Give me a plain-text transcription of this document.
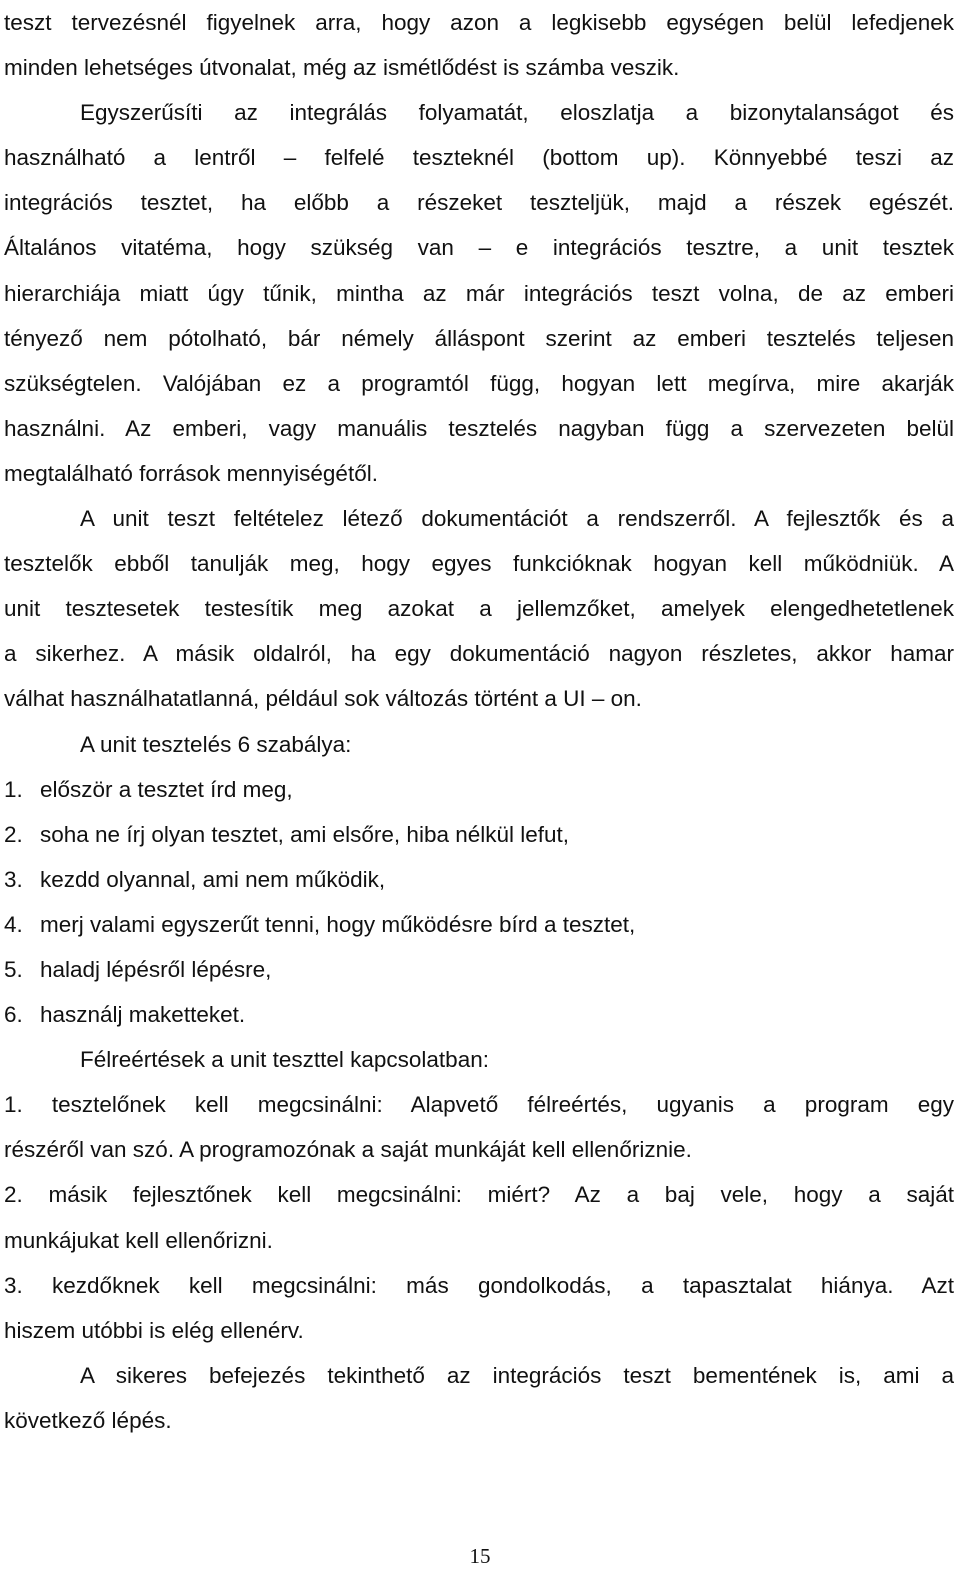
teszt tervezésnél figyelnek arra, hogy azon a legkisebb egységen belül lefedjenek
minden lehetséges útvonalat, még az ismétlődést is számba veszik.
Egyszerűsíti az integrálás folyamatát, eloszlatja a bizonytalanságot és
használható a lentről – felfelé teszteknél (bottom up). Könnyebbé teszi az
integrációs tesztet, ha előbb a részeket teszteljük, majd a részek egészét.
Általános vitatéma, hogy szükség van – e integrációs tesztre, a unit tesztek
hierarchiája miatt úgy tűnik, mintha az már integrációs teszt volna, de az emberi
tényező nem pótolható, bár némely álláspont szerint az emberi tesztelés teljesen
szükségtelen. Valójában ez a programtól függ, hogyan lett megírva, mire akarják
használni. Az emberi, vagy manuális tesztelés nagyban függ a szervezeten belül
megtalálható források mennyiségétől.
A unit teszt feltételez létező dokumentációt a rendszerről. A fejlesztők és a
tesztelők ebből tanulják meg, hogy egyes funkcióknak hogyan kell működniük. A
unit tesztesetek testesítik meg azokat a jellemzőket, amelyek elengedhetetlenek
a sikerhez. A másik oldalról, ha egy dokumentáció nagyon részletes, akkor hamar
válhat használhatatlanná, például sok változás történt a UI – on.
A unit tesztelés 6 szabálya:
1. először a tesztet írd meg,
2. soha ne írj olyan tesztet, ami elsőre, hiba nélkül lefut,
3. kezdd olyannal, ami nem működik,
4. merj valami egyszerűt tenni, hogy működésre bírd a tesztet,
5. haladj lépésről lépésre,
6. használj maketteket.
Félreértések a unit teszttel kapcsolatban:
1. tesztelőnek kell megcsinálni: Alapvető félreértés, ugyanis a program egy
részéről van szó. A programozónak a saját munkáját kell ellenőriznie.
2. másik fejlesztőnek kell megcsinálni: miért? Az a baj vele, hogy a saját
munkájukat kell ellenőrizni.
3. kezdőknek kell megcsinálni: más gondolkodás, a tapasztalat hiánya. Azt
hiszem utóbbi is elég ellenérv.
A sikeres befejezés tekinthető az integrációs teszt bementének is, ami a
következő lépés.
15
